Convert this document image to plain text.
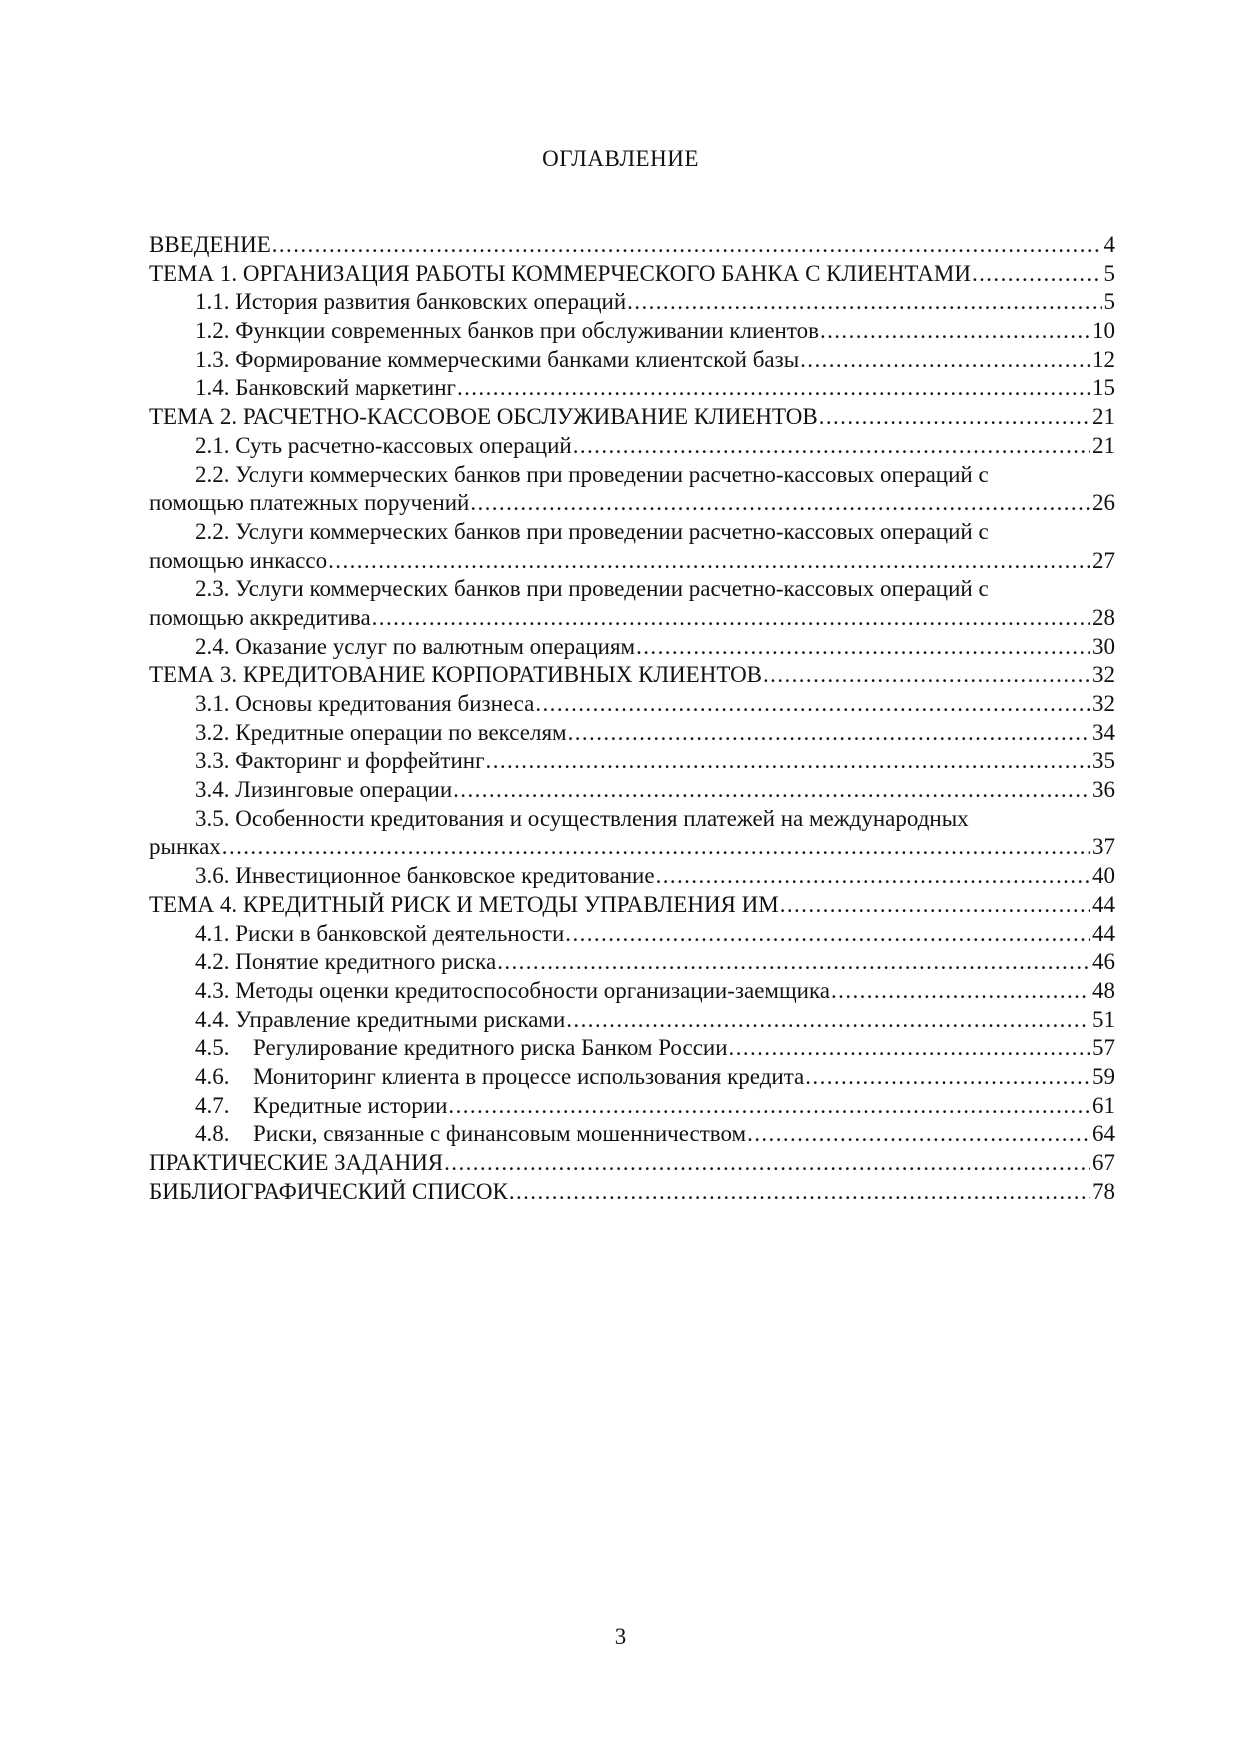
ОГЛАВЛЕНИЕ
ВВЕДЕНИЕ .....	4
ТЕМА 1. ОРГАНИЗАЦИЯ РАБОТЫ КОММЕРЧЕСКОГО БАНКА С КЛИЕНТАМИ .....	5
1.1. История развития банковских операций .....	5
1.2. Функции современных банков при обслуживании клиентов .....	10
1.3. Формирование коммерческими банками клиентской базы .....	12
1.4. Банковский маркетинг .....	15
ТЕМА 2. РАСЧЕТНО-КАССОВОЕ ОБСЛУЖИВАНИЕ КЛИЕНТОВ .....	21
2.1. Суть расчетно-кассовых операций .....	21
2.2. Услуги коммерческих банков при проведении расчетно-кассовых операций с
помощью платежных поручений .....	26
2.2. Услуги коммерческих банков при проведении расчетно-кассовых операций с
помощью инкассо .....	27
2.3. Услуги коммерческих банков при проведении расчетно-кассовых операций с
помощью аккредитива .....	28
2.4. Оказание услуг по валютным операциям .....	30
ТЕМА 3. КРЕДИТОВАНИЕ КОРПОРАТИВНЫХ КЛИЕНТОВ .....	32
3.1. Основы кредитования бизнеса .....	32
3.2. Кредитные операции по векселям .....	34
3.3. Факторинг и форфейтинг .....	35
3.4. Лизинговые операции .....	36
3.5. Особенности кредитования и осуществления платежей на международных
рынках .....	37
3.6. Инвестиционное банковское кредитование .....	40
ТЕМА 4. КРЕДИТНЫЙ РИСК И МЕТОДЫ УПРАВЛЕНИЯ ИМ .....	44
4.1. Риски в банковской деятельности .....	44
4.2. Понятие кредитного риска .....	46
4.3. Методы оценки кредитоспособности организации-заемщика .....	48
4.4. Управление кредитными рисками .....	51
4.5. Регулирование кредитного риска Банком России .....	57
4.6. Мониторинг клиента в процессе использования кредита .....	59
4.7. Кредитные истории .....	61
4.8. Риски, связанные с финансовым мошенничеством .....	64
ПРАКТИЧЕСКИЕ ЗАДАНИЯ .....	67
БИБЛИОГРАФИЧЕСКИЙ СПИСОК .....	78
3
